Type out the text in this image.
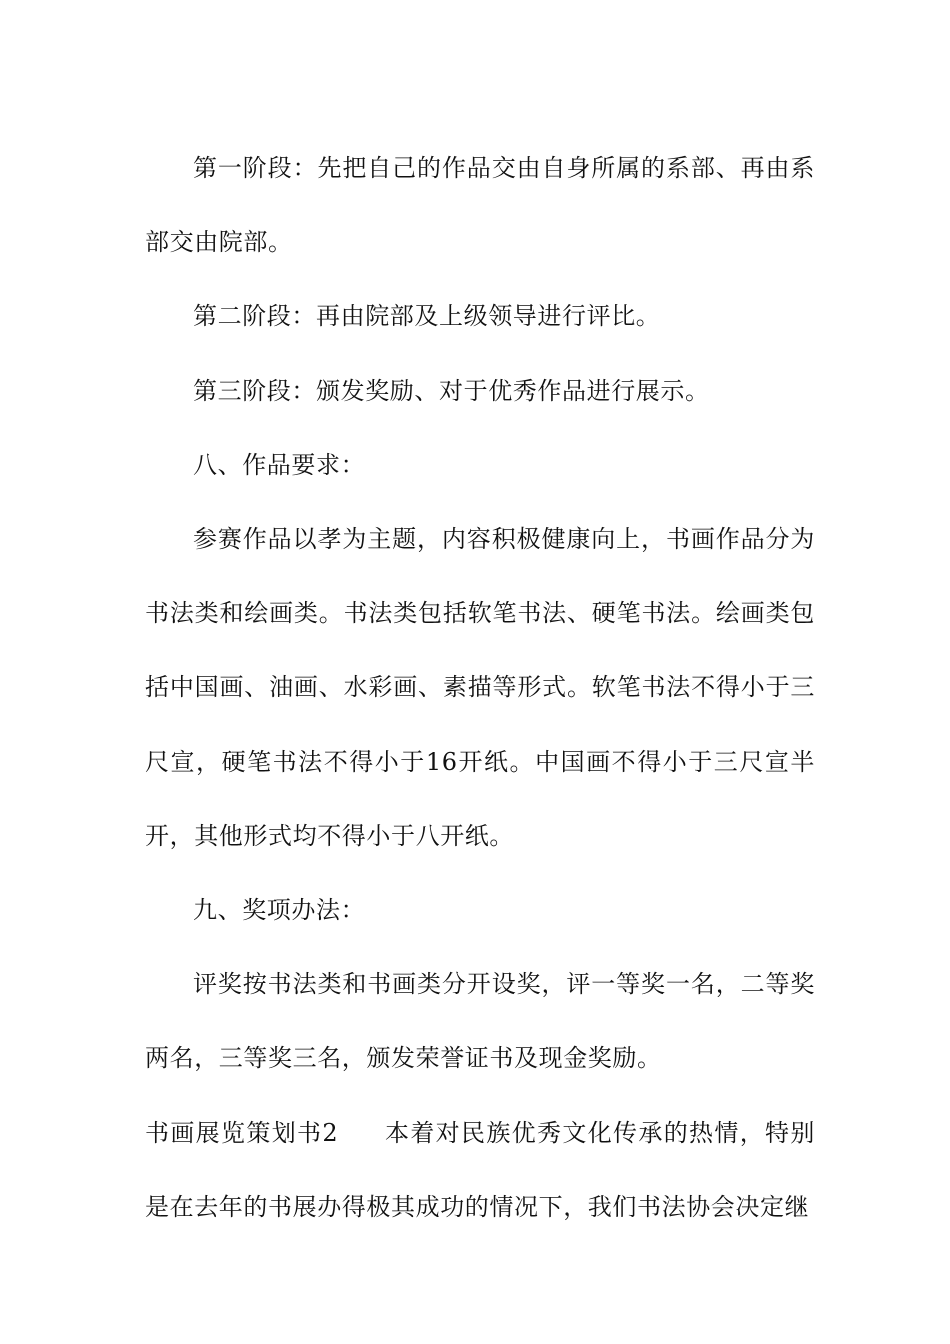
第一阶段：先把自己的作品交由自身所属的系部、再由系部交由院部。

第二阶段：再由院部及上级领导进行评比。

第三阶段：颁发奖励、对于优秀作品进行展示。

八、作品要求：

参赛作品以孝为主题，内容积极健康向上，书画作品分为书法类和绘画类。书法类包括软笔书法、硬笔书法。绘画类包括中国画、油画、水彩画、素描等形式。软笔书法不得小于三尺宣，硬笔书法不得小于16开纸。中国画不得小于三尺宣半开，其他形式均不得小于八开纸。

九、奖项办法：

评奖按书法类和书画类分开设奖，评一等奖一名，二等奖两名，三等奖三名，颁发荣誉证书及现金奖励。

书画展览策划书2 本着对民族优秀文化传承的热情，特别是在去年的书展办得极其成功的情况下，我们书法协会决定继
